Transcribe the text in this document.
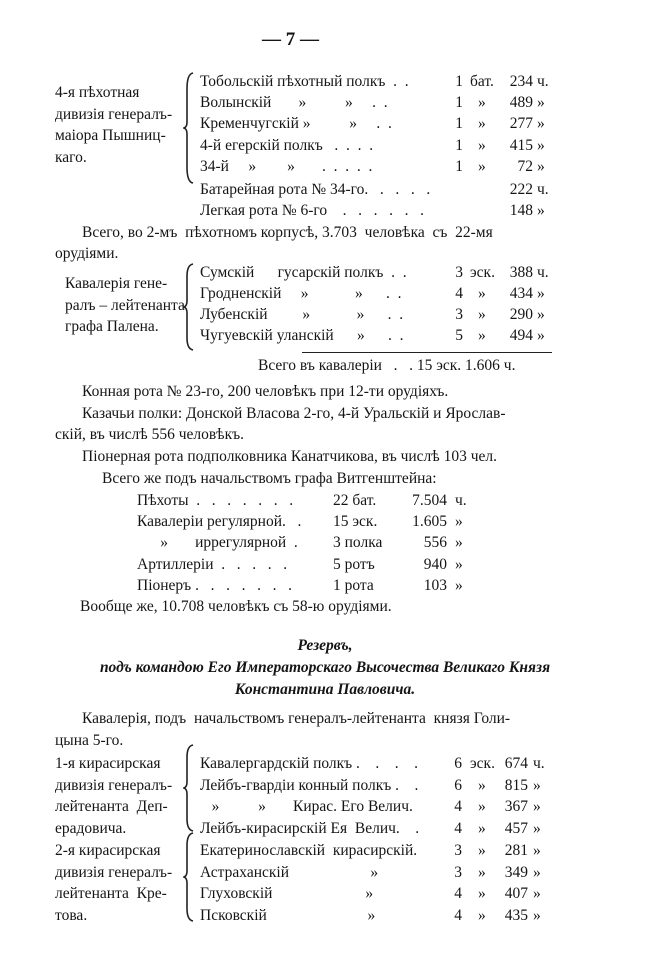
— 7 —
4-я пѣхотная
дивизiя генералъ-
маiора Пышниц-
каго.
Тобольскiй пѣхотный полкъ  .  .	1 бат.	234 ч.
Волынскiй       »          »     .  .	1 »	489 »
Кременчугскiй »          »     .  .	1 »	277 »
4-й егерскiй полкъ   .  .  .  .	1 »	415 »
34-й     »        »       .  .  .  .  .	1 »	72 »
Батарейная рота № 34-го.   .   .   .   .	222 ч.
Легкая рота № 6-го    .   .   .   .   .   .	148 »
Всего, во 2-мъ  пѣхотномъ корпусѣ, 3.703  человѣка  съ  22-мя
орудiями.
Кавалерiя гене-
ралъ – лейтенанта
графа Палена.
Сумскiй      гусарскiй полкъ  .  .	3 эск. 388 ч.
Гродненскiй     »            »      .  .	4 »	434 »
Лубенскiй         »            »      .  .	3 »	290 »
Чугуевскiй уланскiй      »      .  .	5 »	494 »
Всего въ кавалерiи   .   . 15 эск. 1.606 ч.
Конная рота № 23-го, 200 человѣкъ при 12-ти орудiяхъ.
Казачьи полки: Донской Власова 2-го, 4-й Уральскiй и Ярослав-
скiй, въ числѣ 556 человѣкъ.
Пiонерная рота подполковника Канатчикова, въ числѣ 103 чел.
Всего же подъ начальствомъ графа Витгенштейна:
Пѣхоты  .   .   .   .   .   .   .	22 бат.	7.504 ч.
Кавалерiи регулярной.   . 15 эск.	1.605 »
»       иррегулярной  . 3 полка	556 »
Артиллерiи  .   .   .   .   .	5 ротъ	940 »
Пiонеръ .   .   .   .   .   .   .	1 рота	103 »
Вообще же, 10.708 человѣкъ съ 58-ю орудiями.
Резервъ,
подъ командою Его Императорскаго Высочества Великаго Князя
Константина Павловича.
Кавалерiя, подъ  начальствомъ генералъ-лейтенанта  князя Голи-
цына 5-го.
1-я кирасирская
дивизiя генералъ-
лейтенанта  Деп-
ерадовича.
Кавалергардскiй полкъ .    .    .    .	6 эск. 674 ч.
Лейбъ-гвардiи конный полкъ .    .	6 »	815 »
»          »       Кирас. Его Велич.	4 »	367 »
Лейбъ-кирасирскiй Ея  Велич.    .	4 »	457 »
2-я кирасирская
дивизiя генералъ-
лейтенанта  Кре-
това.
Екатеринославскiй  кирасирскiй.	3 »	281 »
Астраханскiй                     »	3 »	349 »
Глуховскiй                        »	4 »	407 »
Псковскiй                          »	4 »	435 »
